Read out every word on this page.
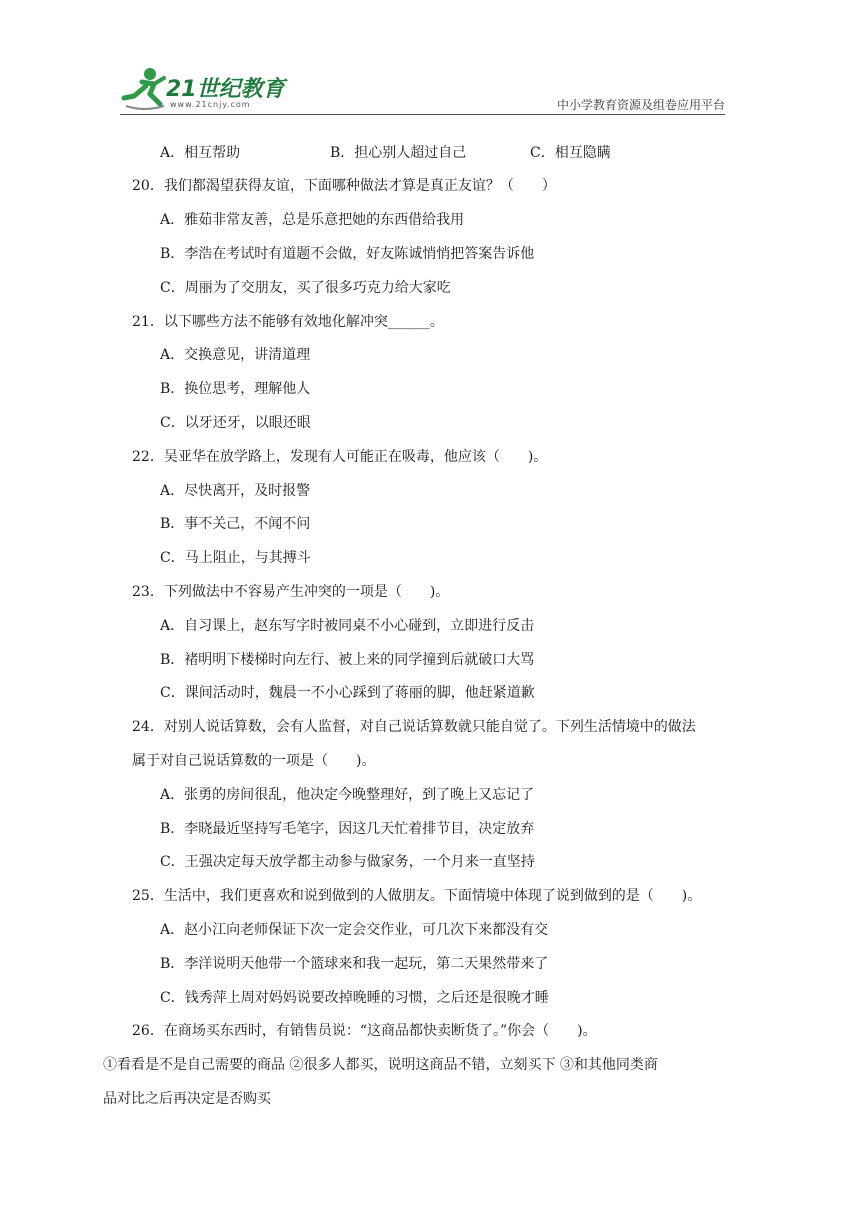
21世纪教育
www.21cnjy.com	中小学教育资源及组卷应用平台
A．相互帮助	B．担心别人超过自己	C．相互隐瞒
20．我们都渴望获得友谊，下面哪种做法才算是真正友谊？（　　）
A．雅茹非常友善，总是乐意把她的东西借给我用
B．李浩在考试时有道题不会做，好友陈诚悄悄把答案告诉他
C．周丽为了交朋友，买了很多巧克力给大家吃
21．以下哪些方法不能够有效地化解冲突______。
A．交换意见，讲清道理
B．换位思考，理解他人
C．以牙还牙，以眼还眼
22．吴亚华在放学路上，发现有人可能正在吸毒，他应该（　　)。
A．尽快离开，及时报警
B．事不关己，不闻不问
C．马上阻止，与其搏斗
23．下列做法中不容易产生冲突的一项是（　　)。
A．自习课上，赵东写字时被同桌不小心碰到，立即进行反击
B．褚明明下楼梯时向左行、被上来的同学撞到后就破口大骂
C．课间活动时，魏晨一不小心踩到了蒋丽的脚，他赶紧道歉
24．对别人说话算数，会有人监督，对自己说话算数就只能自觉了。下列生活情境中的做法
属于对自己说话算数的一项是（　　)。
A．张勇的房间很乱，他决定今晚整理好，到了晚上又忘记了
B．李晓最近坚持写毛笔字，因这几天忙着排节目，决定放弃
C．王强决定每天放学都主动参与做家务，一个月来一直坚持
25．生活中，我们更喜欢和说到做到的人做朋友。下面情境中体现了说到做到的是（　　)。
A．赵小江向老师保证下次一定会交作业，可几次下来都没有交
B．李洋说明天他带一个篮球来和我一起玩，第二天果然带来了
C．钱秀萍上周对妈妈说要改掉晚睡的习惯，之后还是很晚才睡
26．在商场买东西时，有销售员说：“这商品都快卖断货了。”你会（　　)。
①看看是不是自己需要的商品 ②很多人都买，说明这商品不错，立刻买下 ③和其他同类商
品对比之后再决定是否购买
